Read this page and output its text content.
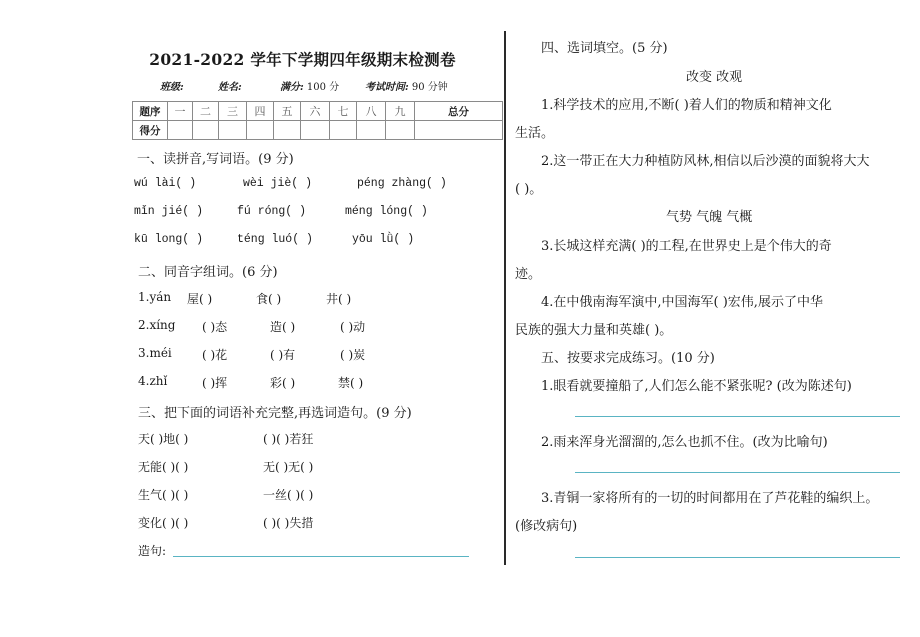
2021-2022 学年下学期四年级期末检测卷
班级:	姓名:	满分: 100 分	考试时间: 90 分钟
题序	一	二	三	四	五	六	七	八	九	总分
得分										
一、读拼音,写词语。(9 分)
wú lài( )	wèi jiè( )	péng zhàng( )
mǐn jié( )	fú róng( )	méng lóng( )
kū long( )	téng luó( )	yōu lǜ( )
二、同音字组词。(6 分)
1.yán 屋( )	食( )	井( )
2.xíng ( )态	造( )	( )动
3.méi	( )花	( )有	( )炭
4.zhǐ	( )挥	彩( )	禁( )
三、把下面的词语补充完整,再选词造句。(9 分)
天( )地( )	( )( )若狂
无能( )( )	无( )无( )
生气( )( )	一丝( )( )
变化( )( )	( )( )失措
造句:
四、选词填空。(5 分)
改变 改观
1.科学技术的应用,不断( )着人们的物质和精神文化
生活。
2.这一带正在大力种植防风林,相信以后沙漠的面貌将大大
( )。
气势 气魄 气概
3.长城这样充满( )的工程,在世界史上是个伟大的奇
迹。
4.在中俄南海军演中,中国海军( )宏伟,展示了中华
民族的强大力量和英雄( )。
五、按要求完成练习。(10 分)
1.眼看就要撞船了,人们怎么能不紧张呢? (改为陈述句)
2.雨来浑身光溜溜的,怎么也抓不住。(改为比喻句)
3.青铜一家将所有的一切的时间都用在了芦花鞋的编织上。
(修改病句)
